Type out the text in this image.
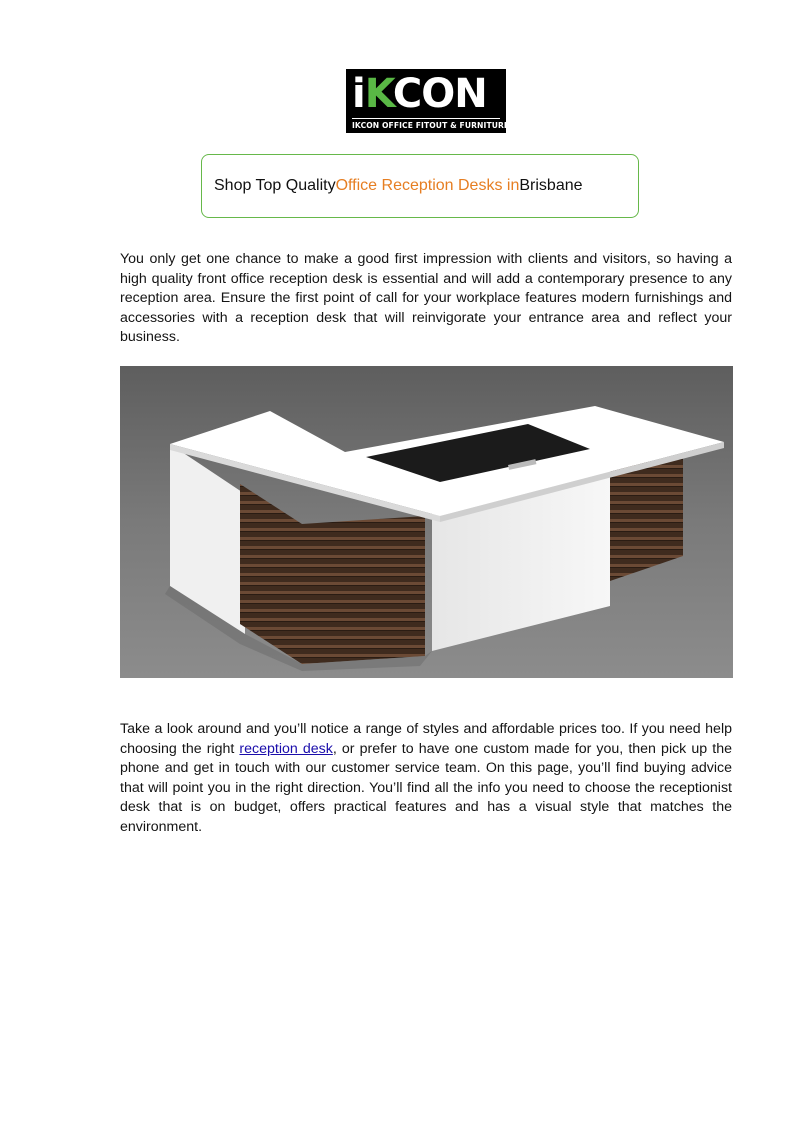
iKCON
IKCON OFFICE FITOUT & FURNITURE
Shop Top Quality Office Reception Desks in Brisbane

You only get one chance to make a good first impression with clients and visitors, so having a high quality front office reception desk is essential and will add a contemporary presence to any reception area. Ensure the first point of call for your workplace features modern furnishings and accessories with a reception desk that will reinvigorate your entrance area and reflect your business.

Take a look around and you’ll notice a range of styles and affordable prices too. If you need help choosing the right reception desk, or prefer to have one custom made for you, then pick up the phone and get in touch with our customer service team. On this page, you’ll find buying advice that will point you in the right direction. You’ll find all the info you need to choose the receptionist desk that is on budget, offers practical features and has a visual style that matches the environment.
